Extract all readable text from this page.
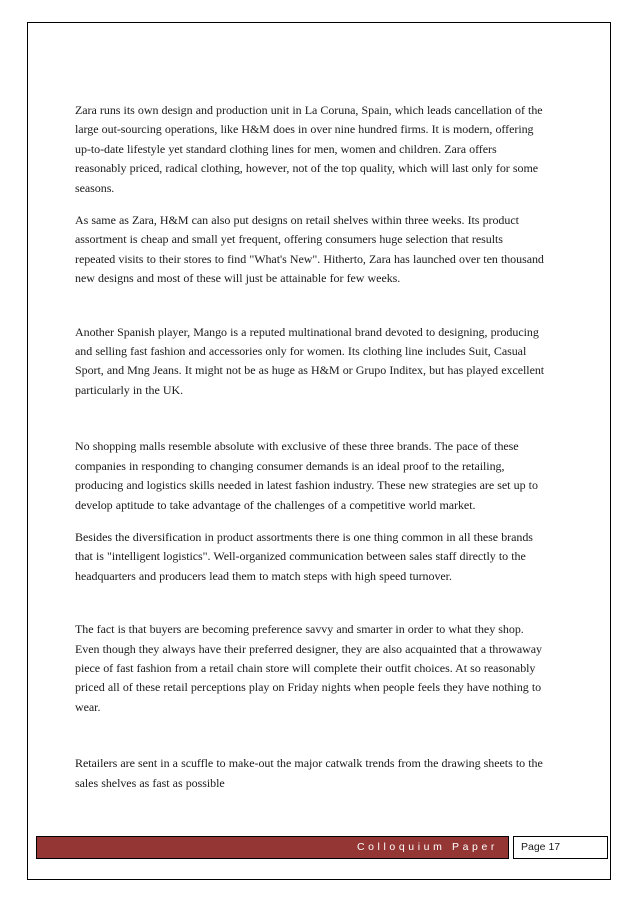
Zara runs its own design and production unit in La Coruna, Spain, which leads cancellation of the large out-sourcing operations, like H&M does in over nine hundred firms. It is modern, offering up-to-date lifestyle yet standard clothing lines for men, women and children. Zara offers reasonably priced, radical clothing, however, not of the top quality, which will last only for some seasons.

As same as Zara, H&M can also put designs on retail shelves within three weeks. Its product assortment is cheap and small yet frequent, offering consumers huge selection that results repeated visits to their stores to find "What's New". Hitherto, Zara has launched over ten thousand new designs and most of these will just be attainable for few weeks.

Another Spanish player, Mango is a reputed multinational brand devoted to designing, producing and selling fast fashion and accessories only for women. Its clothing line includes Suit, Casual Sport, and Mng Jeans. It might not be as huge as H&M or Grupo Inditex, but has played excellent particularly in the UK.

No shopping malls resemble absolute with exclusive of these three brands. The pace of these companies in responding to changing consumer demands is an ideal proof to the retailing, producing and logistics skills needed in latest fashion industry. These new strategies are set up to develop aptitude to take advantage of the challenges of a competitive world market.

Besides the diversification in product assortments there is one thing common in all these brands that is "intelligent logistics". Well-organized communication between sales staff directly to the headquarters and producers lead them to match steps with high speed turnover.

The fact is that buyers are becoming preference savvy and smarter in order to what they shop. Even though they always have their preferred designer, they are also acquainted that a throwaway piece of fast fashion from a retail chain store will complete their outfit choices. At so reasonably priced all of these retail perceptions play on Friday nights when people feels they have nothing to wear.

Retailers are sent in a scuffle to make-out the major catwalk trends from the drawing sheets to the sales shelves as fast as possible

Colloquium Paper Page 17
